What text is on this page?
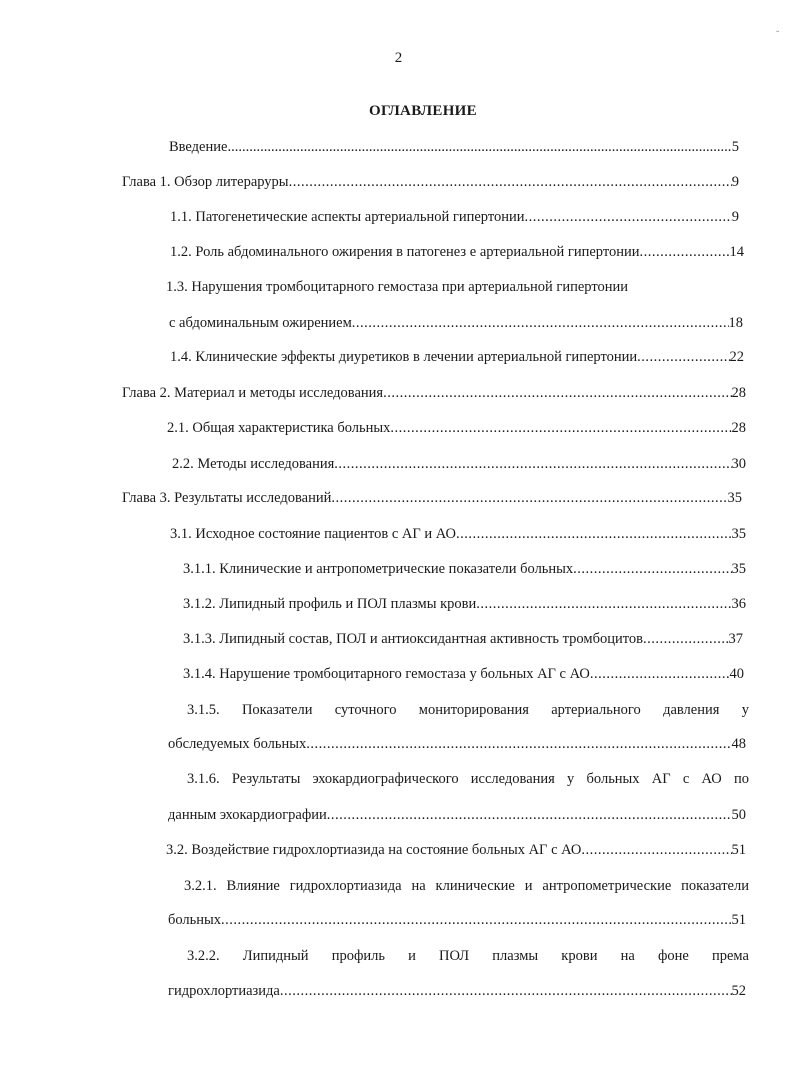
2
˘
ОГЛАВЛЕНИЕ
Введение .....	5
Глава 1. Обзор литераруры .....	9
1.1. Патогенетические аспекты артериальной гипертонии .....	9
1.2. Роль абдоминального ожирения в патогенез е артериальной гипертонии .....	14
1.3. Нарушения тромбоцитарного гемостаза при артериальной гипертонии
с абдоминальным ожирением .....	18
1.4. Клинические эффекты диуретиков в лечении артериальной гипертонии .....	22
Глава 2. Материал и методы исследования .....	28
2.1. Общая характеристика больных .....	28
2.2. Методы исследования .....	30
Глава 3. Результаты исследований .....	35
3.1. Исходное состояние пациентов с АГ и АО .....	35
3.1.1. Клинические и антропометрические показатели больных .....	35
3.1.2. Липидный профиль и ПОЛ плазмы крови .....	36
3.1.3. Липидный состав, ПОЛ и антиоксидантная активность тромбоцитов .....	37
3.1.4. Нарушение тромбоцитарного гемостаза у больных АГ с АО .....	40
3.1.5. Показатели суточного мониторирования артериального давления у
обследуемых больных .....	48
3.1.6. Результаты эхокардиографического исследования у больных АГ с АО по
данным эхокардиографии .....	50
3.2. Воздействие гидрохлортиазида на состояние больных АГ с АО .....	51
3.2.1. Влияние гидрохлортиазида на клинические и антропометрические показатели
больных .....	51
3.2.2. Липидный профиль и ПОЛ плазмы крови на фоне према
гидрохлортиазида .....	52
